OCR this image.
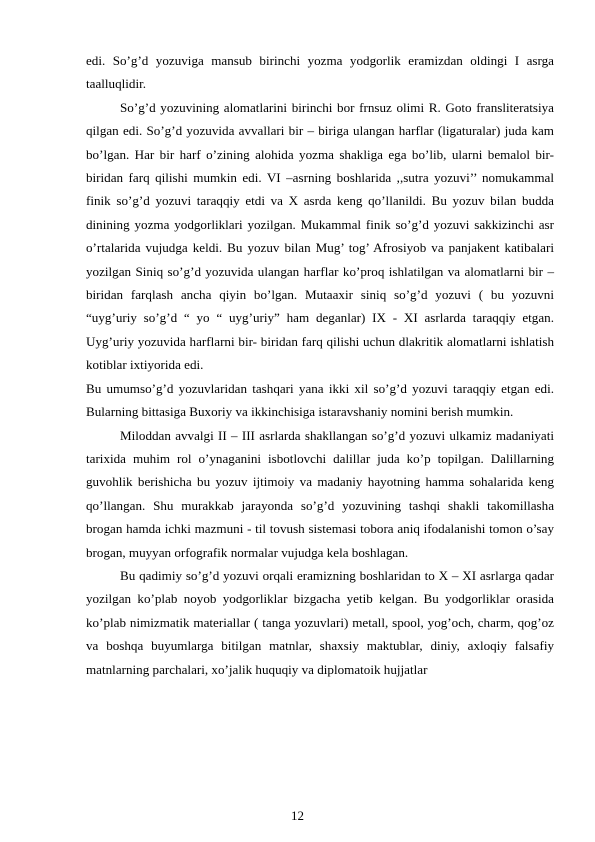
edi. So’g’d yozuviga mansub birinchi yozma yodgorlik eramizdan oldingi I asrga taalluqlidir.

So’g’d yozuvining alomatlarini birinchi bor frnsuz olimi R. Goto fransliteratsiya qilgan edi. So’g’d yozuvida avvallari bir – biriga ulangan harflar (ligaturalar) juda kam bo’lgan. Har bir harf o’zining alohida yozma shakliga ega bo’lib, ularni bemalol bir- biridan farq qilishi mumkin edi. VI –asrning boshlarida ,,sutra yozuvi’’ nomukammal finik so’g’d yozuvi taraqqiy etdi va X asrda keng qo’llanildi. Bu yozuv bilan budda dinining yozma yodgorliklari yozilgan. Mukammal finik so’g’d yozuvi sakkizinchi asr o’rtalarida vujudga keldi. Bu yozuv bilan Mug’ tog’ Afrosiyob va panjakent katibalari yozilgan Siniq so’g’d yozuvida ulangan harflar ko’proq ishlatilgan va alomatlarni bir – biridan farqlash ancha qiyin bo’lgan. Mutaaxir siniq so’g’d yozuvi ( bu yozuvni “uyg’uriy so’g’d “ yo “ uyg’uriy” ham deganlar) IX - XI asrlarda taraqqiy etgan. Uyg’uriy yozuvida harflarni bir- biridan farq qilishi uchun dlakritik alomatlarni ishlatish kotiblar ixtiyorida edi.

Bu umumso’g’d yozuvlaridan tashqari yana ikki xil so’g’d yozuvi taraqqiy etgan edi. Bularning bittasiga Buxoriy va ikkinchisiga istaravshaniy nomini berish mumkin.

Miloddan avvalgi II – III asrlarda shakllangan so’g’d yozuvi ulkamiz madaniyati tarixida muhim rol o’ynaganini isbotlovchi dalillar juda ko’p topilgan. Dalillarning guvohlik berishicha bu yozuv ijtimoiy va madaniy hayotning hamma sohalarida keng qo’llangan. Shu murakkab jarayonda so’g’d yozuvining tashqi shakli takomillasha brogan hamda ichki mazmuni - til tovush sistemasi tobora aniq ifodalanishi tomon o’say brogan, muyyan orfografik normalar vujudga kela boshlagan.

Bu qadimiy so’g’d yozuvi orqali eramizning boshlaridan to X – XI asrlarga qadar yozilgan ko’plab noyob yodgorliklar bizgacha yetib kelgan. Bu yodgorliklar orasida ko’plab nimizmatik materiallar ( tanga yozuvlari) metall, spool, yog’och, charm, qog’oz va boshqa buyumlarga bitilgan matnlar, shaxsiy maktublar, diniy, axloqiy falsafiy matnlarning parchalari, xo’jalik huquqiy va diplomatoik hujjatlar

12
